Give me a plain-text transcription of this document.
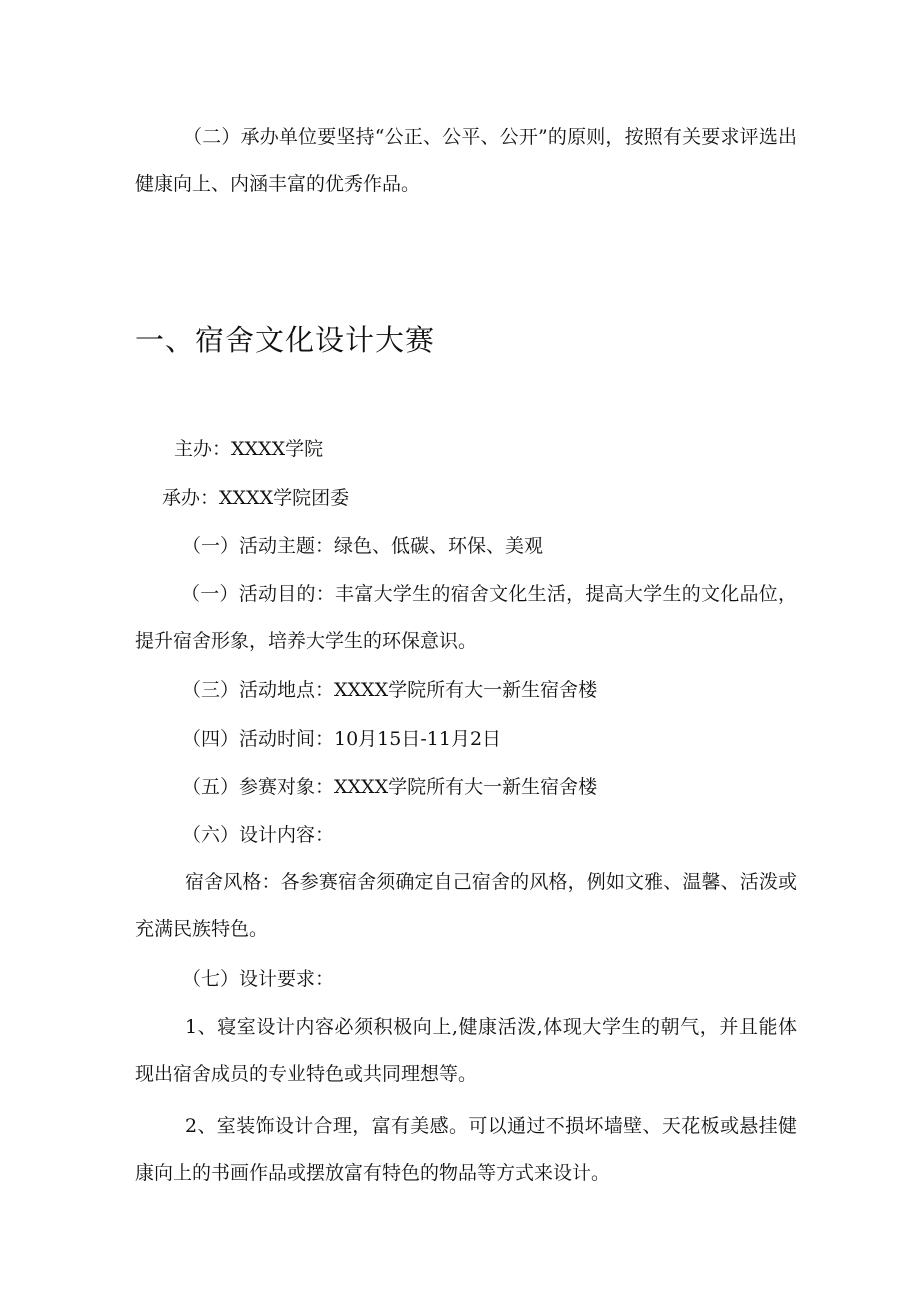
（二）承办单位要坚持“公正、公平、公开”的原则，按照有关要求评选出健康向上、内涵丰富的优秀作品。

一、宿舍文化设计大赛

主办：XXXX学院

承办：XXXX学院团委

（一）活动主题：绿色、低碳、环保、美观

（一）活动目的：丰富大学生的宿舍文化生活，提高大学生的文化品位，提升宿舍形象，培养大学生的环保意识。

（三）活动地点：XXXX学院所有大一新生宿舍楼

（四）活动时间：10月15日-11月2日

（五）参赛对象：XXXX学院所有大一新生宿舍楼

（六）设计内容：

宿舍风格：各参赛宿舍须确定自己宿舍的风格，例如文雅、温馨、活泼或充满民族特色。

（七）设计要求：

1、寝室设计内容必须积极向上,健康活泼,体现大学生的朝气，并且能体现出宿舍成员的专业特色或共同理想等。

2、室装饰设计合理，富有美感。可以通过不损坏墙壁、天花板或悬挂健康向上的书画作品或摆放富有特色的物品等方式来设计。
